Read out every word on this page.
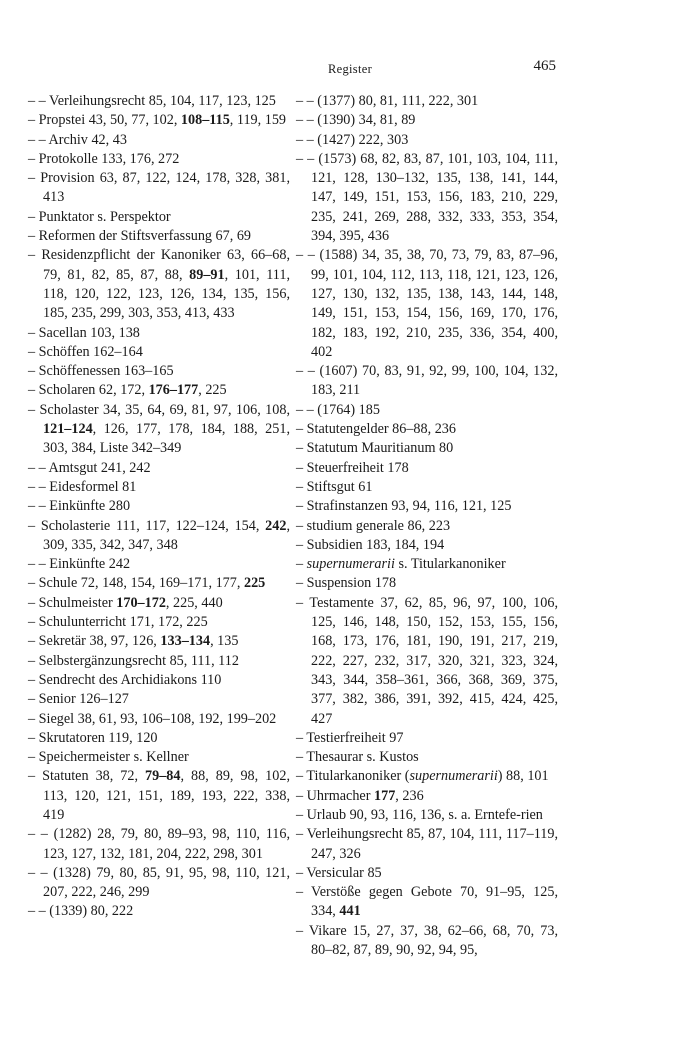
Register	465
– – Verleihungsrecht 85, 104, 117, 123, 125
– Propstei 43, 50, 77, 102, 108–115, 119, 159
– – Archiv 42, 43
– Protokolle 133, 176, 272
– Provision 63, 87, 122, 124, 178, 328, 381, 413
– Punktator s. Perspektor
– Reformen der Stiftsverfassung 67, 69
– Residenzpflicht der Kanoniker 63, 66–68, 79, 81, 82, 85, 87, 88, 89–91, 101, 111, 118, 120, 122, 123, 126, 134, 135, 156, 185, 235, 299, 303, 353, 413, 433
– Sacellan 103, 138
– Schöffen 162–164
– Schöffenessen 163–165
– Scholaren 62, 172, 176–177, 225
– Scholaster 34, 35, 64, 69, 81, 97, 106, 108, 121–124, 126, 177, 178, 184, 188, 251, 303, 384, Liste 342–349
– – Amtsgut 241, 242
– – Eidesformel 81
– – Einkünfte 280
– Scholasterie 111, 117, 122–124, 154, 242, 309, 335, 342, 347, 348
– – Einkünfte 242
– Schule 72, 148, 154, 169–171, 177, 225
– Schulmeister 170–172, 225, 440
– Schulunterricht 171, 172, 225
– Sekretär 38, 97, 126, 133–134, 135
– Selbstergänzungsrecht 85, 111, 112
– Sendrecht des Archidiakons 110
– Senior 126–127
– Siegel 38, 61, 93, 106–108, 192, 199–202
– Skrutatoren 119, 120
– Speichermeister s. Kellner
– Statuten 38, 72, 79–84, 88, 89, 98, 102, 113, 120, 121, 151, 189, 193, 222, 338, 419
– – (1282) 28, 79, 80, 89–93, 98, 110, 116, 123, 127, 132, 181, 204, 222, 298, 301
– – (1328) 79, 80, 85, 91, 95, 98, 110, 121, 207, 222, 246, 299
– – (1339) 80, 222
– – (1377) 80, 81, 111, 222, 301
– – (1390) 34, 81, 89
– – (1427) 222, 303
– – (1573) 68, 82, 83, 87, 101, 103, 104, 111, 121, 128, 130–132, 135, 138, 141, 144, 147, 149, 151, 153, 156, 183, 210, 229, 235, 241, 269, 288, 332, 333, 353, 354, 394, 395, 436
– – (1588) 34, 35, 38, 70, 73, 79, 83, 87–96, 99, 101, 104, 112, 113, 118, 121, 123, 126, 127, 130, 132, 135, 138, 143, 144, 148, 149, 151, 153, 154, 156, 169, 170, 176, 182, 183, 192, 210, 235, 336, 354, 400, 402
– – (1607) 70, 83, 91, 92, 99, 100, 104, 132, 183, 211
– – (1764) 185
– Statutengelder 86–88, 236
– Statutum Mauritianum 80
– Steuerfreiheit 178
– Stiftsgut 61
– Strafinstanzen 93, 94, 116, 121, 125
– studium generale 86, 223
– Subsidien 183, 184, 194
– supernumerarii s. Titularkanoniker
– Suspension 178
– Testamente 37, 62, 85, 96, 97, 100, 106, 125, 146, 148, 150, 152, 153, 155, 156, 168, 173, 176, 181, 190, 191, 217, 219, 222, 227, 232, 317, 320, 321, 323, 324, 343, 344, 358–361, 366, 368, 369, 375, 377, 382, 386, 391, 392, 415, 424, 425, 427
– Testierfreiheit 97
– Thesaurar s. Kustos
– Titularkanoniker (supernumerarii) 88, 101
– Uhrmacher 177, 236
– Urlaub 90, 93, 116, 136, s. a. Erntefe-rien
– Verleihungsrecht 85, 87, 104, 111, 117–119, 247, 326
– Versicular 85
– Verstöße gegen Gebote 70, 91–95, 125, 334, 441
– Vikare 15, 27, 37, 38, 62–66, 68, 70, 73, 80–82, 87, 89, 90, 92, 94, 95,
